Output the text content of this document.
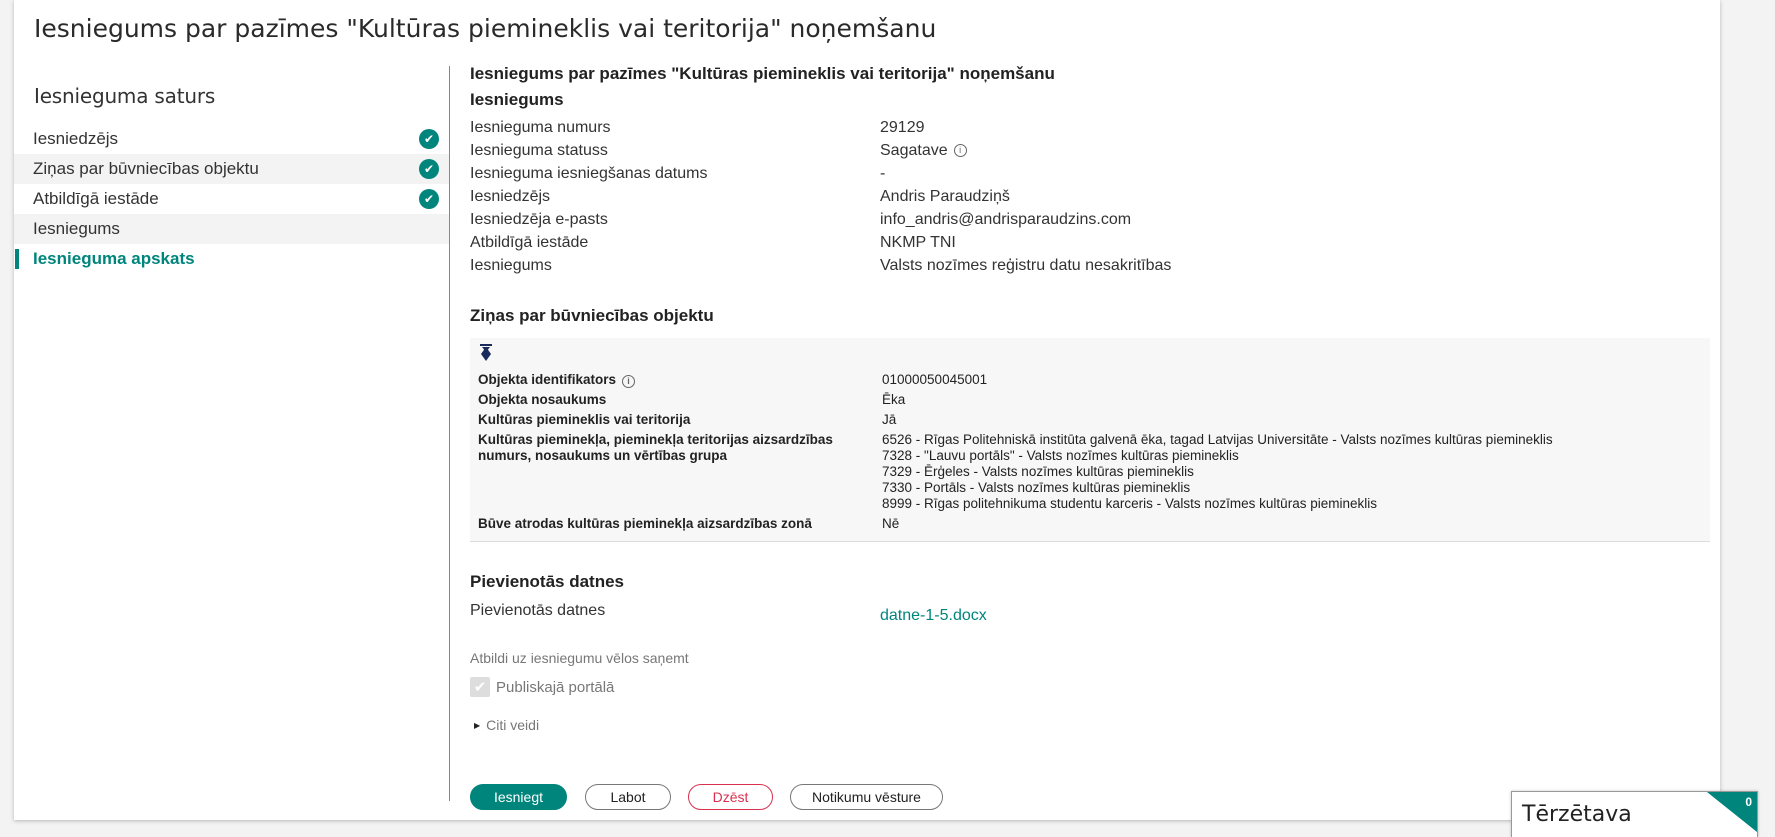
Iesniegums par pazīmes "Kultūras piemineklis vai teritorija" noņemšanu
Iesnieguma saturs
Iesniedzējs	✔
Ziņas par būvniecības objektu	✔
Atbildīgā iestāde	✔
Iesniegums
Iesnieguma apskats
Iesniegums par pazīmes "Kultūras piemineklis vai teritorija" noņemšanu
Iesniegums
Iesnieguma numurs	29129
Iesnieguma statuss	Sagatave	i
Iesnieguma iesniegšanas datums	-
Iesniedzējs	Andris Paraudziņš
Iesniedzēja e-pasts	info_andris@andrisparaudzins.com
Atbildīgā iestāde	NKMP TNI
Iesniegums	Valsts nozīmes reģistru datu nesakritības
Ziņas par būvniecības objektu
Objekta identifikators i	01000050045001
Objekta nosaukums	Ēka
Kultūras piemineklis vai teritorija	Jā
Kultūras pieminekļa, pieminekļa teritorijas aizsardzības numurs, nosaukums un vērtības grupa
6526 - Rīgas Politehniskā institūta galvenā ēka, tagad Latvijas Universitāte - Valsts nozīmes kultūras piemineklis
7328 - "Lauvu portāls" - Valsts nozīmes kultūras piemineklis
7329 - Ērģeles - Valsts nozīmes kultūras piemineklis
7330 - Portāls - Valsts nozīmes kultūras piemineklis
8999 - Rīgas politehnikuma studentu karceris - Valsts nozīmes kultūras piemineklis
Būve atrodas kultūras pieminekļa aizsardzības zonā	Nē
Pievienotās datnes
Pievienotās datnes	datne-1-5.docx
Atbildi uz iesniegumu vēlos saņemt
✔ Publiskajā portālā
▶ Citi veidi
Iesniegt	Labot	Dzēst	Notikumu vēsture
Tērzētava	0
